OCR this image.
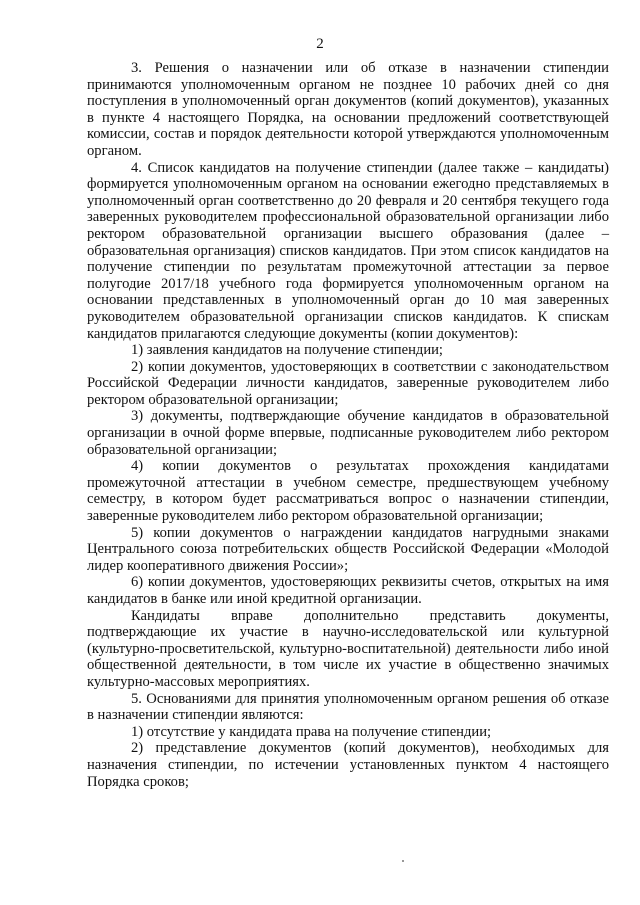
2

3. Решения о назначении или об отказе в назначении стипендии принимаются уполномоченным органом не позднее 10 рабочих дней со дня поступления в уполномоченный орган документов (копий документов), указанных в пункте 4 настоящего Порядка, на основании предложений соответствующей комиссии, состав и порядок деятельности которой утверждаются уполномоченным органом.

4. Список кандидатов на получение стипендии (далее также – кандидаты) формируется уполномоченным органом на основании ежегодно представляемых в уполномоченный орган соответственно до 20 февраля и 20 сентября текущего года заверенных руководителем профессиональной образовательной организации либо ректором образовательной организации высшего образования (далее – образовательная организация) списков кандидатов. При этом список кандидатов на получение стипендии по результатам промежуточной аттестации за первое полугодие 2017/18 учебного года формируется уполномоченным органом на основании представленных в уполномоченный орган до 10 мая заверенных руководителем образовательной организации списков кандидатов. К спискам кандидатов прилагаются следующие документы (копии документов):

1) заявления кандидатов на получение стипендии;

2) копии документов, удостоверяющих в соответствии с законодательством Российской Федерации личности кандидатов, заверенные руководителем либо ректором образовательной организации;

3) документы, подтверждающие обучение кандидатов в образовательной организации в очной форме впервые, подписанные руководителем либо ректором образовательной организации;

4) копии документов о результатах прохождения кандидатами промежуточной аттестации в учебном семестре, предшествующем учебному семестру, в котором будет рассматриваться вопрос о назначении стипендии, заверенные руководителем либо ректором образовательной организации;

5) копии документов о награждении кандидатов нагрудными знаками Центрального союза потребительских обществ Российской Федерации «Молодой лидер кооперативного движения России»;

6) копии документов, удостоверяющих реквизиты счетов, открытых на имя кандидатов в банке или иной кредитной организации.

Кандидаты вправе дополнительно представить документы, подтверждающие их участие в научно-исследовательской или культурной (культурно-просветительской, культурно-воспитательной) деятельности либо иной общественной деятельности, в том числе их участие в общественно значимых культурно-массовых мероприятиях.

5. Основаниями для принятия уполномоченным органом решения об отказе в назначении стипендии являются:

1) отсутствие у кандидата права на получение стипендии;

2) представление документов (копий документов), необходимых для назначения стипендии, по истечении установленных пунктом 4 настоящего Порядка сроков;
